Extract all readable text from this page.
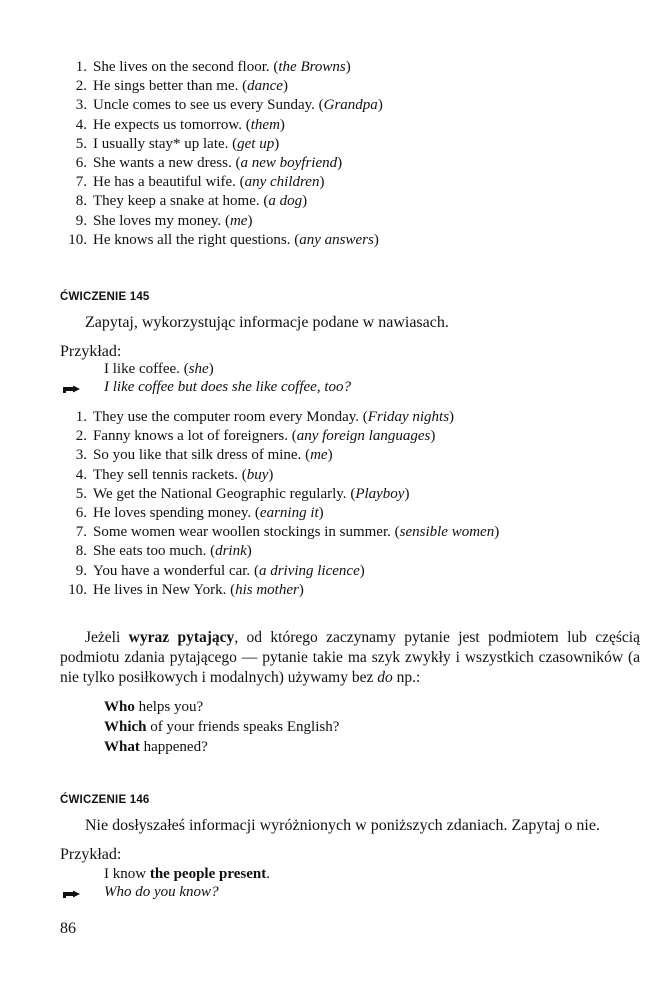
1. She lives on the second floor. ( the Browns )
2. He sings better than me. ( dance )
3. Uncle comes to see us every Sunday. ( Grandpa )
4. He expects us tomorrow. ( them )
5. I usually stay* up late. ( get up )
6. She wants a new dress. ( a new boyfriend )
7. He has a beautiful wife. ( any children )
8. They keep a snake at home. ( a dog )
9. She loves my money. ( me )
10. He knows all the right questions. ( any answers )
ĆWICZENIE 145
Zapytaj, wykorzystując informacje podane w nawiasach.
Przykład:
I like coffee. (she)
I like coffee but does she like coffee, too?
1. They use the computer room every Monday. ( Friday nights )
2. Fanny knows a lot of foreigners. ( any foreign languages )
3. So you like that silk dress of mine. ( me )
4. They sell tennis rackets. ( buy )
5. We get the National Geographic regularly. ( Playboy )
6. He loves spending money. ( earning it )
7. Some women wear woollen stockings in summer. ( sensible women )
8. She eats too much. ( drink )
9. You have a wonderful car. ( a driving licence )
10. He lives in New York. ( his mother )

Jeżeli wyraz pytający, od którego zaczynamy pytanie jest podmiotem lub częścią podmiotu zdania pytającego — pytanie takie ma szyk zwykły i wszystkich czasowników (a nie tylko posiłkowych i modalnych) używamy bez do np.:

Who helps you?
Which of your friends speaks English?
What happened?
ĆWICZENIE 146
Nie dosłyszałeś informacji wyróżnionych w poniższych zdaniach. Zapytaj o nie.
Przykład:
I know the people present.
Who do you know?
86
